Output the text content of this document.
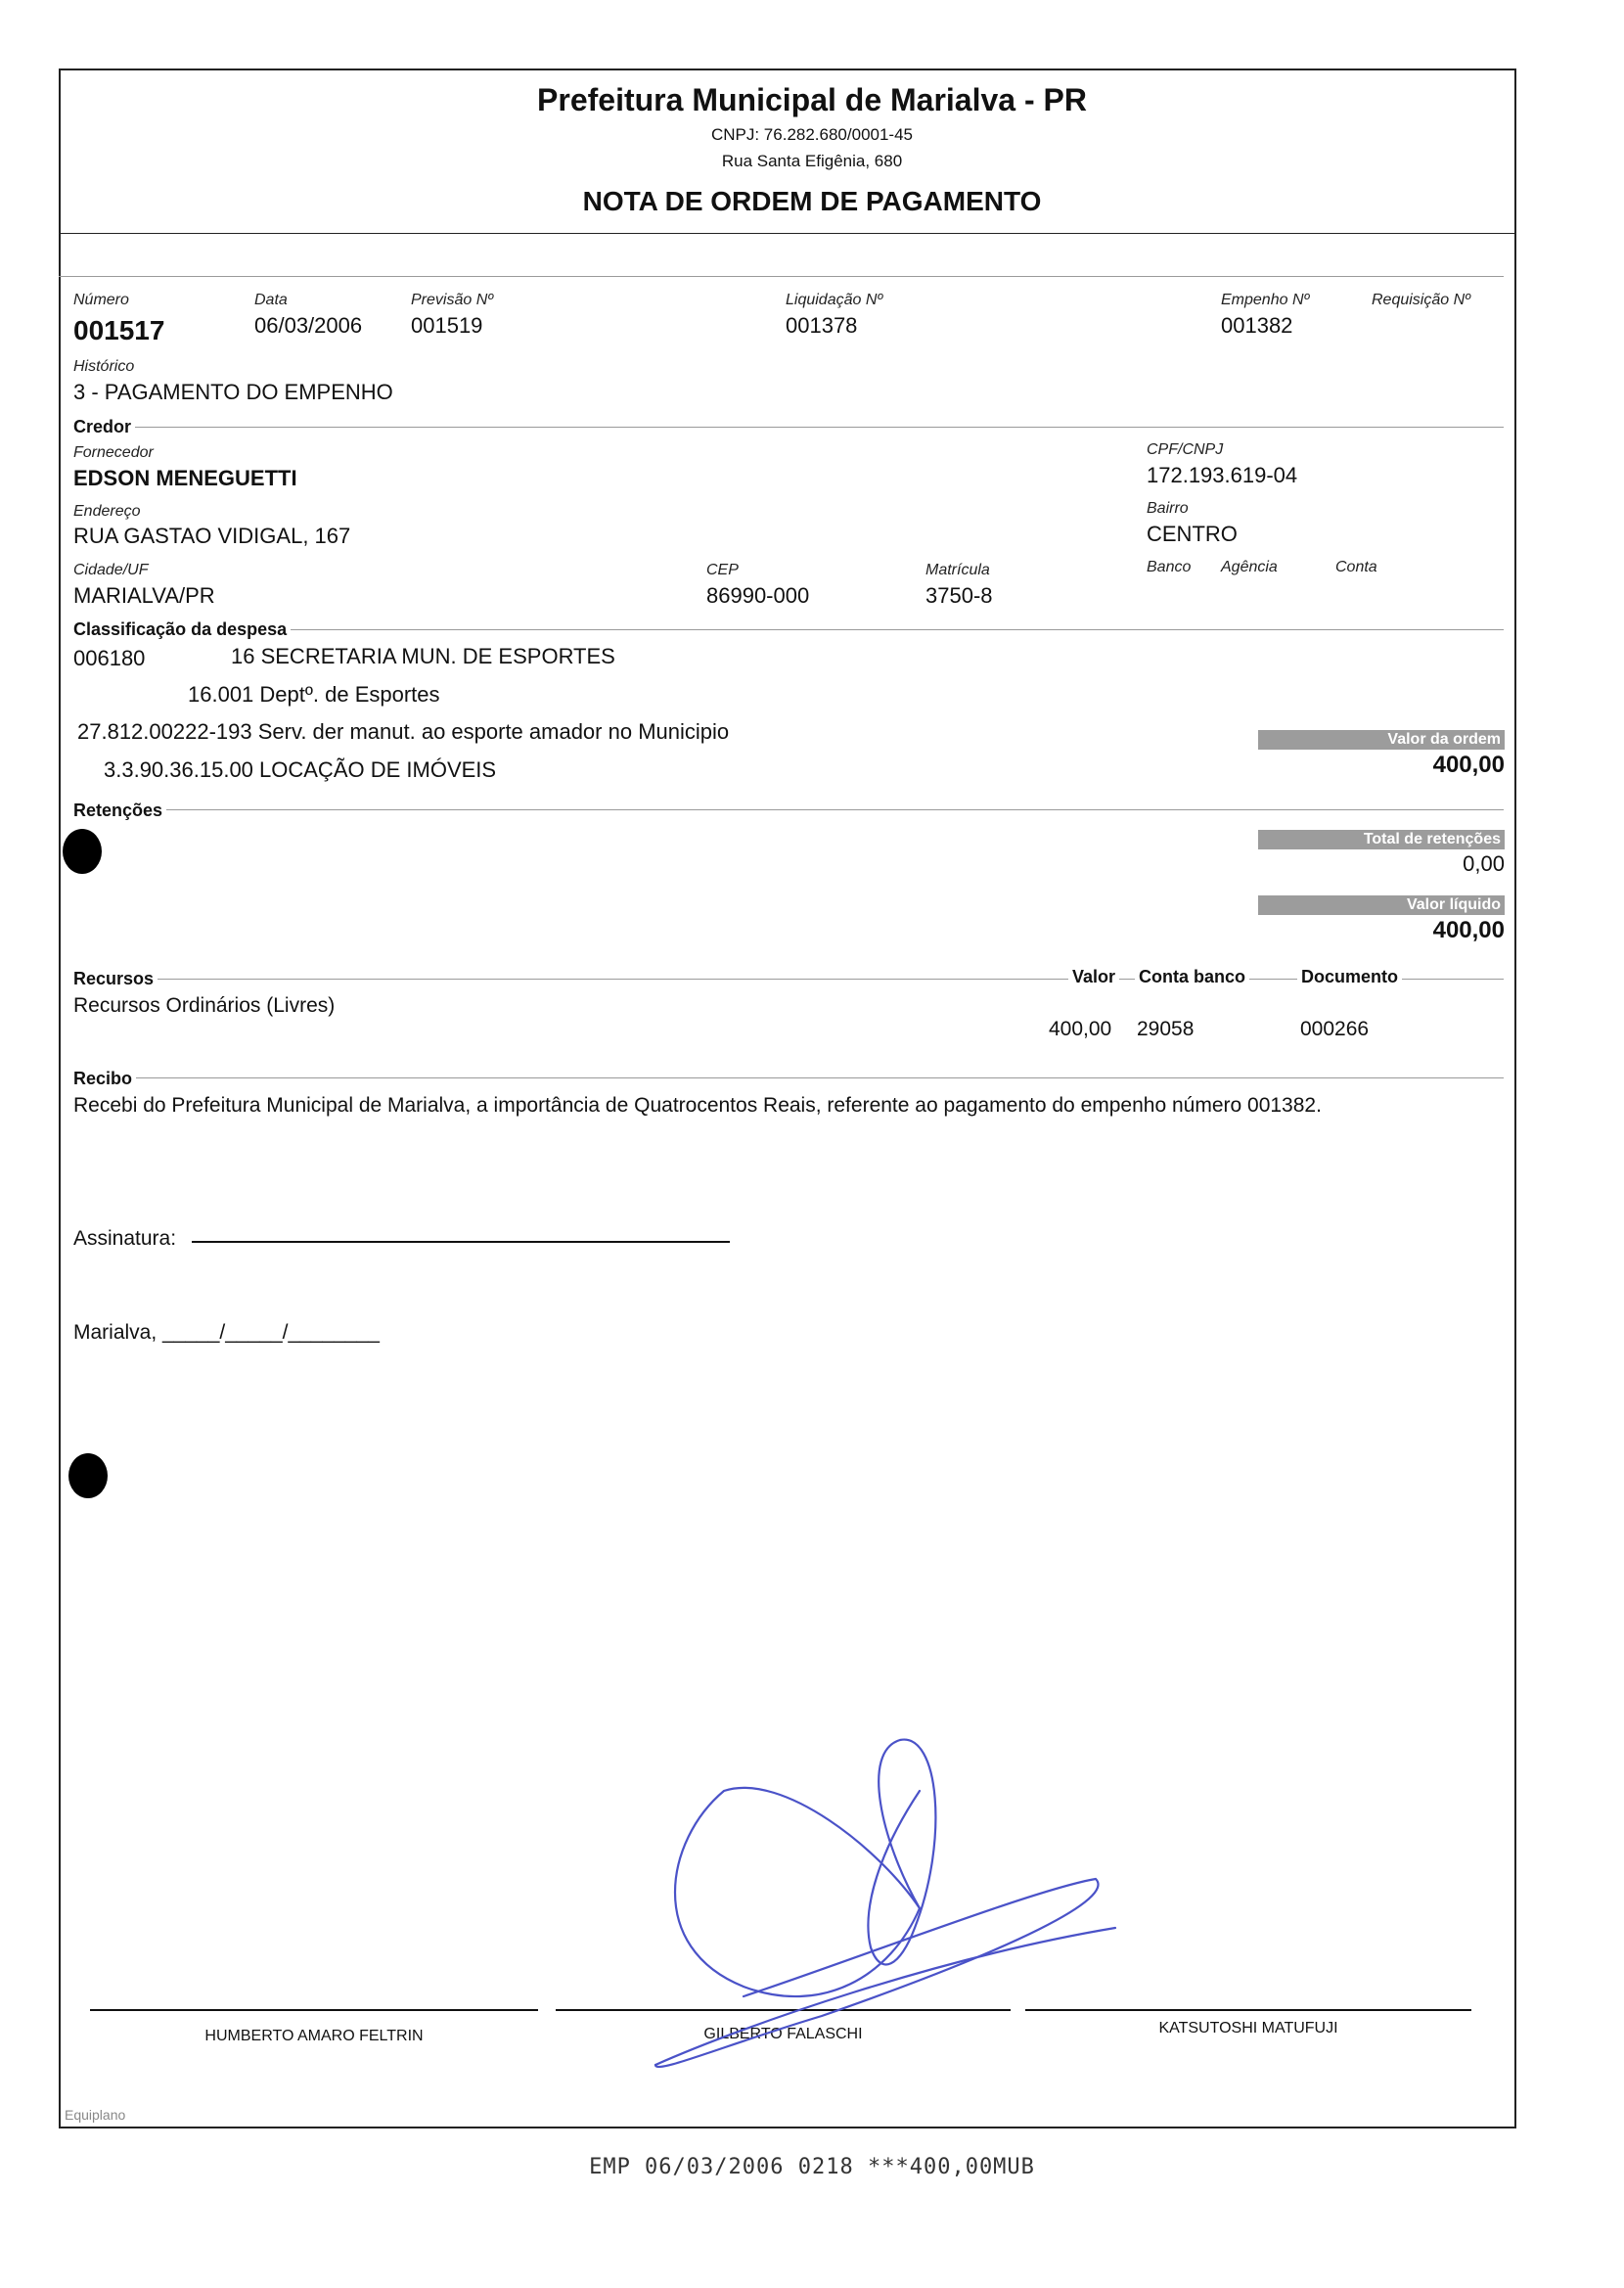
Prefeitura Municipal de Marialva - PR
CNPJ: 76.282.680/0001-45
Rua Santa Efigênia, 680
NOTA DE ORDEM DE PAGAMENTO
Número
001517
Data
06/03/2006
Previsão Nº
001519
Liquidação Nº
001378
Empenho Nº
001382
Requisição Nº
Histórico
3 - PAGAMENTO DO EMPENHO
Credor
Fornecedor
EDSON MENEGUETTI
CPF/CNPJ
172.193.619-04
Endereço
RUA GASTAO VIDIGAL, 167
Bairro
CENTRO
Cidade/UF
MARIALVA/PR
CEP
86990-000
Matrícula
3750-8
Banco Agência	Conta
Classificação da despesa
006180	16 SECRETARIA MUN. DE ESPORTES
16.001 Deptº. de Esportes
27.812.00222-193 Serv. der manut. ao esporte amador no Municipio
3.3.90.36.15.00 LOCAÇÃO DE IMÓVEIS
Valor da ordem
400,00
Retenções
Total de retenções
0,00
Valor líquido
400,00
Recursos	Valor Conta banco	Documento
Recursos Ordinários (Livres)
400,00 29058	000266
Recibo
Recebi do Prefeitura Municipal de Marialva, a importância de Quatrocentos Reais, referente ao pagamento do empenho número 001382.
Assinatura:
Marialva, _____/_____/________
HUMBERTO AMARO FELTRIN	GILBERTO FALASCHI	KATSUTOSHI MATUFUJI
Equiplano
EMP 06/03/2006 0218 ***400,00MUB
